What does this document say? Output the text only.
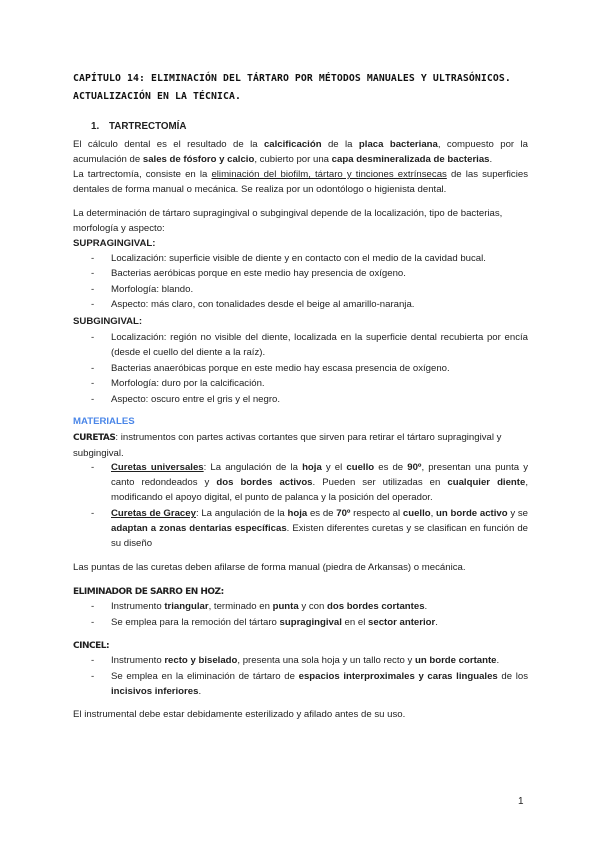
CAPÍTULO 14: ELIMINACIÓN DEL TÁRTARO POR MÉTODOS MANUALES Y ULTRASÓNICOS. ACTUALIZACIÓN EN LA TÉCNICA.
1. TARTRECTOMÍA
El cálculo dental es el resultado de la calcificación de la placa bacteriana, compuesto por la acumulación de sales de fósforo y calcio, cubierto por una capa desmineralizada de bacterias.
La tartrectomía, consiste en la eliminación del biofilm, tártaro y tinciones extrínsecas de las superficies dentales de forma manual o mecánica. Se realiza por un odontólogo o higienista dental.
La determinación de tártaro supragingival o subgingival depende de la localización, tipo de bacterias, morfología y aspecto:
SUPRAGINGIVAL:
- Localización: superficie visible de diente y en contacto con el medio de la cavidad bucal.
- Bacterias aeróbicas porque en este medio hay presencia de oxígeno.
- Morfología: blando.
- Aspecto: más claro, con tonalidades desde el beige al amarillo-naranja.
SUBGINGIVAL:
- Localización: región no visible del diente, localizada en la superficie dental recubierta por encía (desde el cuello del diente a la raíz).
- Bacterias anaeróbicas porque en este medio hay escasa presencia de oxígeno.
- Morfología: duro por la calcificación.
- Aspecto: oscuro entre el gris y el negro.
MATERIALES
CURETAS: instrumentos con partes activas cortantes que sirven para retirar el tártaro supragingival y subgingival.
- Curetas universales: La angulación de la hoja y el cuello es de 90º, presentan una punta y canto redondeados y dos bordes activos. Pueden ser utilizadas en cualquier diente, modificando el apoyo digital, el punto de palanca y la posición del operador.
- Curetas de Gracey: La angulación de la hoja es de 70º respecto al cuello, un borde activo y se adaptan a zonas dentarias específicas. Existen diferentes curetas y se clasifican en función de su diseño
Las puntas de las curetas deben afilarse de forma manual (piedra de Arkansas) o mecánica.
ELIMINADOR DE SARRO EN HOZ:
- Instrumento triangular, terminado en punta y con dos bordes cortantes.
- Se emplea para la remoción del tártaro supragingival en el sector anterior.
CINCEL:
- Instrumento recto y biselado, presenta una sola hoja y un tallo recto y un borde cortante.
- Se emplea en la eliminación de tártaro de espacios interproximales y caras linguales de los incisivos inferiores.
El instrumental debe estar debidamente esterilizado y afilado antes de su uso.
1
